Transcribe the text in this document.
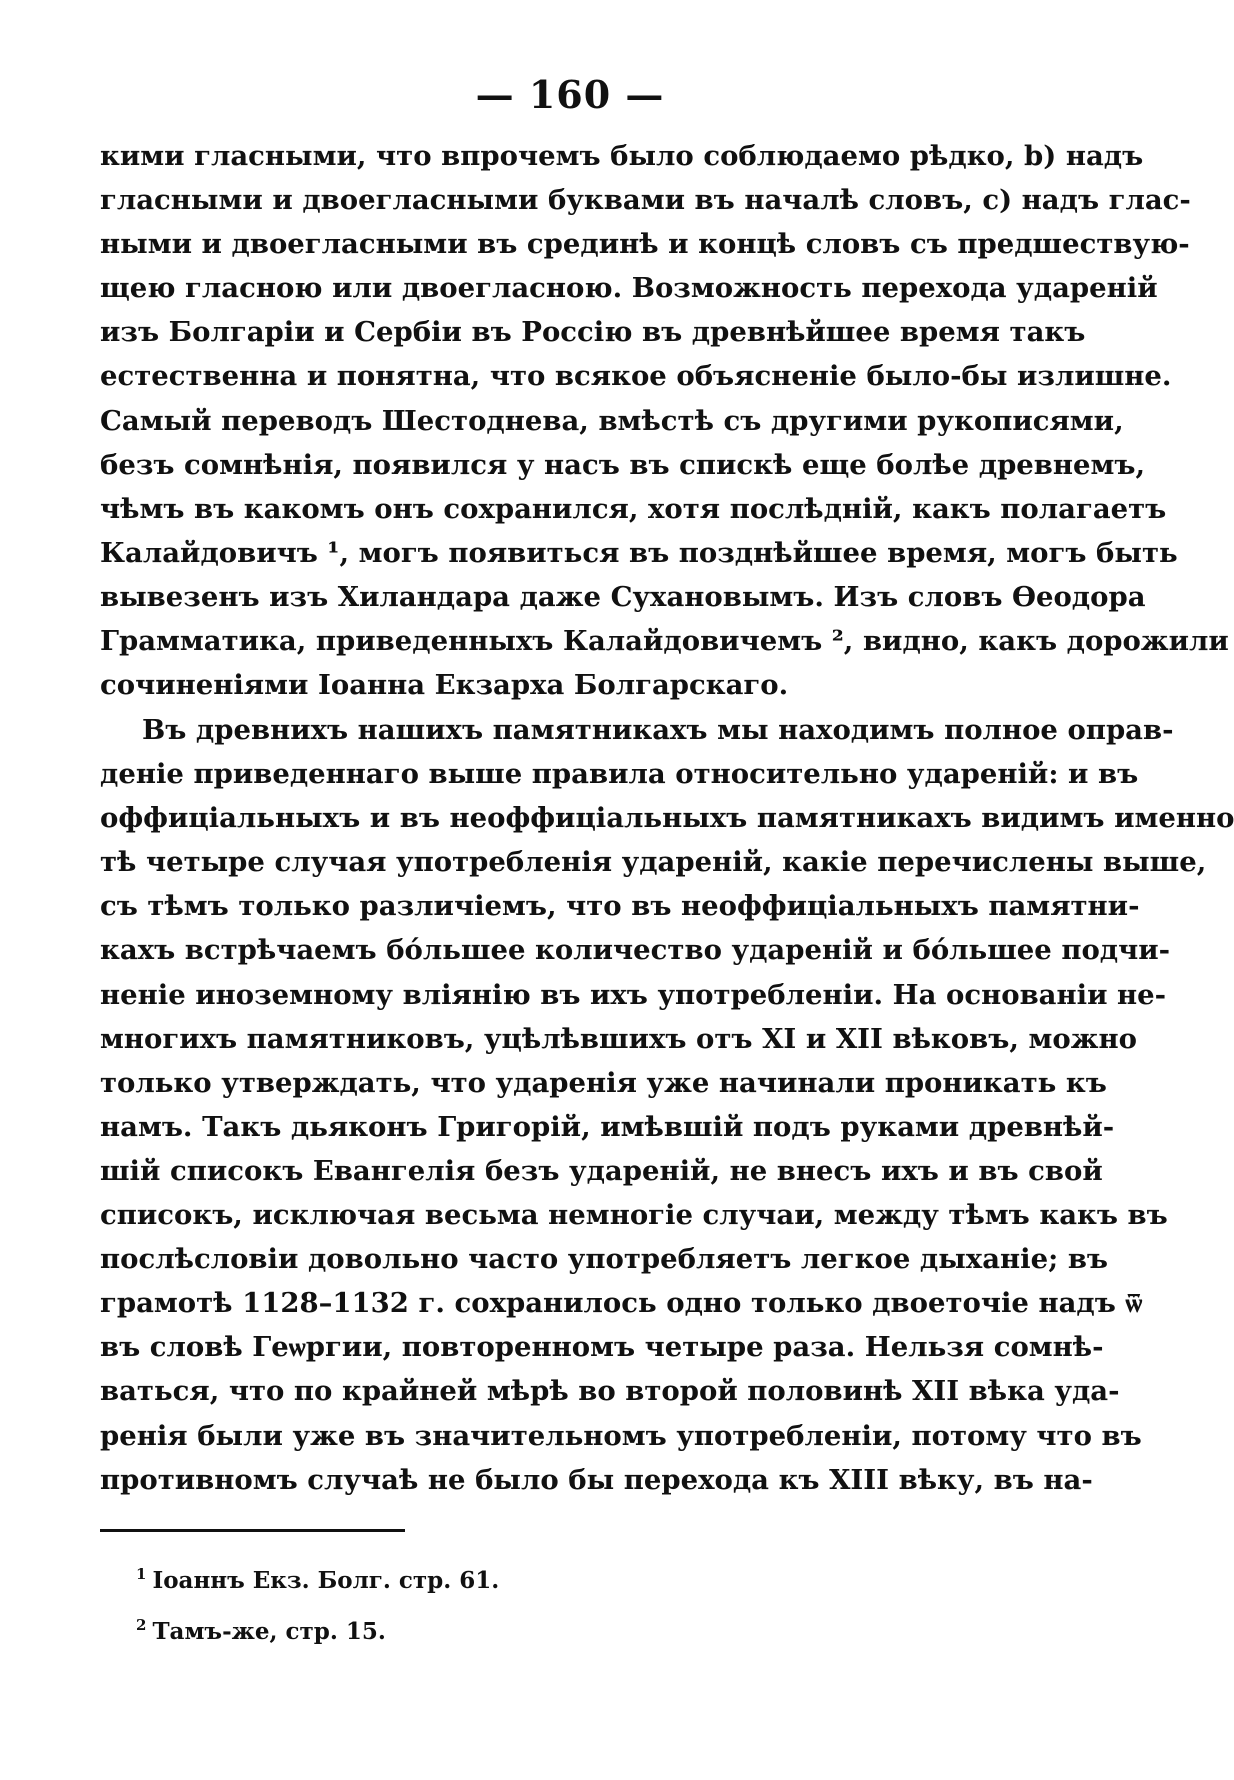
— 160 —
кими гласными, что впрочемъ было соблюдаемо рѣдко, b) надъ
гласными и двоегласными буквами въ началѣ словъ, c) надъ глас-
ными и двоегласными въ срединѣ и концѣ словъ съ предшествую-
щею гласною или двоегласною. Возможность перехода удареній
изъ Болгаріи и Сербіи въ Россію въ древнѣйшее время такъ
естественна и понятна, что всякое объясненіе было-бы излишне.
Самый переводъ Шестоднева, вмѣстѣ съ другими рукописями,
безъ сомнѣнія, появился у насъ въ спискѣ еще болѣе древнемъ,
чѣмъ въ какомъ онъ сохранился, хотя послѣдній, какъ полагаетъ
Калайдовичъ ¹, могъ появиться въ позднѣйшее время, могъ быть
вывезенъ изъ Хиландара даже Сухановымъ. Изъ словъ Ѳеодора
Грамматика, приведенныхъ Калайдовичемъ ², видно, какъ дорожили
сочиненіями Іоанна Екзарха Болгарскаго.
Въ древнихъ нашихъ памятникахъ мы находимъ полное оправ-
деніе приведеннаго выше правила относительно удареній: и въ
оффиціальныхъ и въ неоффиціальныхъ памятникахъ видимъ именно
тѣ четыре случая употребленія удареній, какіе перечислены выше,
съ тѣмъ только различіемъ, что въ неоффиціальныхъ памятни-
кахъ встрѣчаемъ бóльшее количество удареній и бóльшее подчи-
неніе иноземному вліянію въ ихъ употребленіи. На основаніи не-
многихъ памятниковъ, уцѣлѣвшихъ отъ XI и XII вѣковъ, можно
только утверждать, что ударенія уже начинали проникать къ
намъ. Такъ дьяконъ Григорій, имѣвшій подъ руками древнѣй-
шій списокъ Евангелія безъ удареній, не внесъ ихъ и въ свой
списокъ, исключая весьма немногіе случаи, между тѣмъ какъ въ
послѣсловіи довольно часто употребляетъ легкое дыханіе; въ
грамотѣ 1128–1132 г. сохранилось одно только двоеточіе надъ ѿ
въ словѣ Геѡргии, повторенномъ четыре раза. Нельзя сомнѣ-
ваться, что по крайней мѣрѣ во второй половинѣ XII вѣка уда-
ренія были уже въ значительномъ употребленіи, потому что въ
противномъ случаѣ не было бы перехода къ XIII вѣку, въ на-
$^1$ Іоаннъ Екз. Болг. стр. 61.
$^2$ Тамъ-же, стр. 15.
